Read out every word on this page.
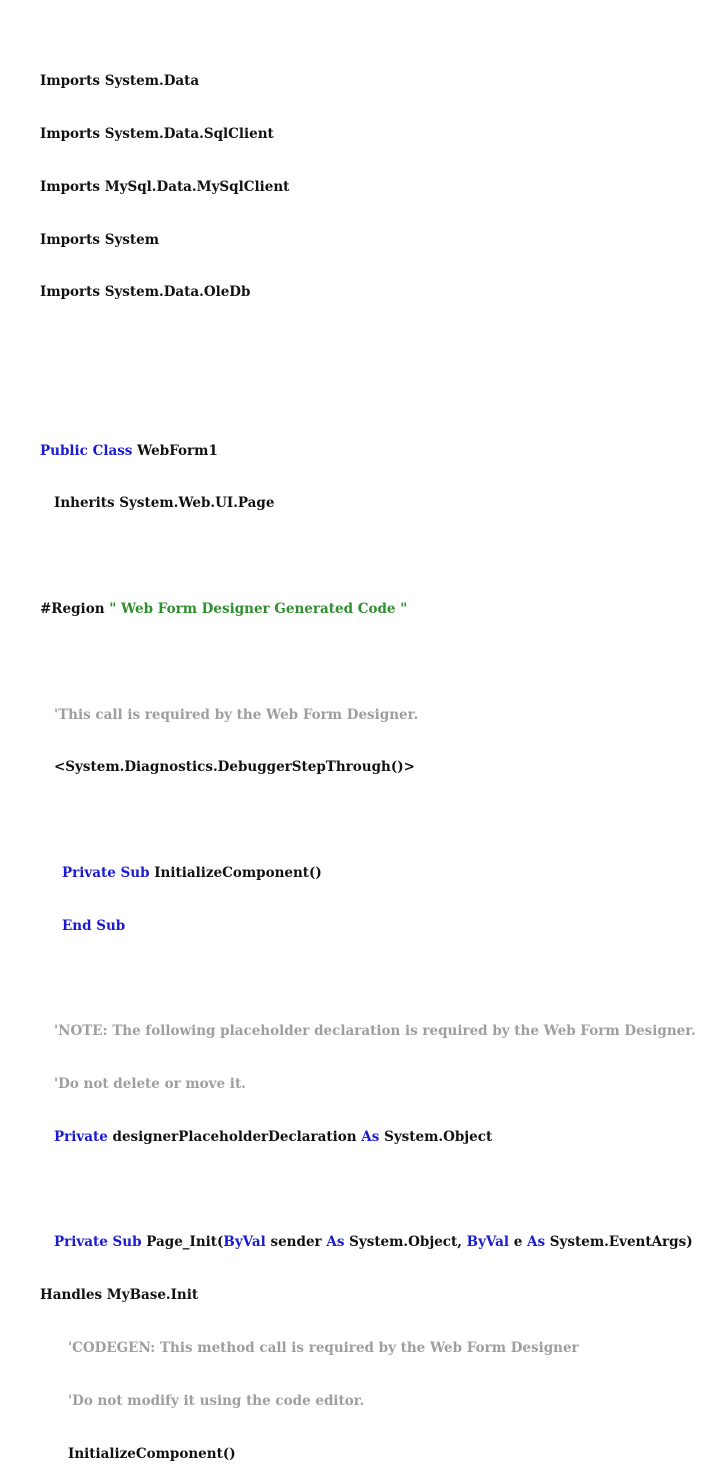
Imports System.Data

Imports System.Data.SqlClient

Imports MySql.Data.MySqlClient

Imports System

Imports System.Data.OleDb

Public Class WebForm1

Inherits System.Web.UI.Page

#Region " Web Form Designer Generated Code "

'This call is required by the Web Form Designer.

<System.Diagnostics.DebuggerStepThrough()>

Private Sub InitializeComponent()

End Sub

'NOTE: The following placeholder declaration is required by the Web Form Designer.

'Do not delete or move it.

Private designerPlaceholderDeclaration As System.Object

Private Sub Page_Init(ByVal sender As System.Object, ByVal e As System.EventArgs)

Handles MyBase.Init

'CODEGEN: This method call is required by the Web Form Designer

'Do not modify it using the code editor.

InitializeComponent()
